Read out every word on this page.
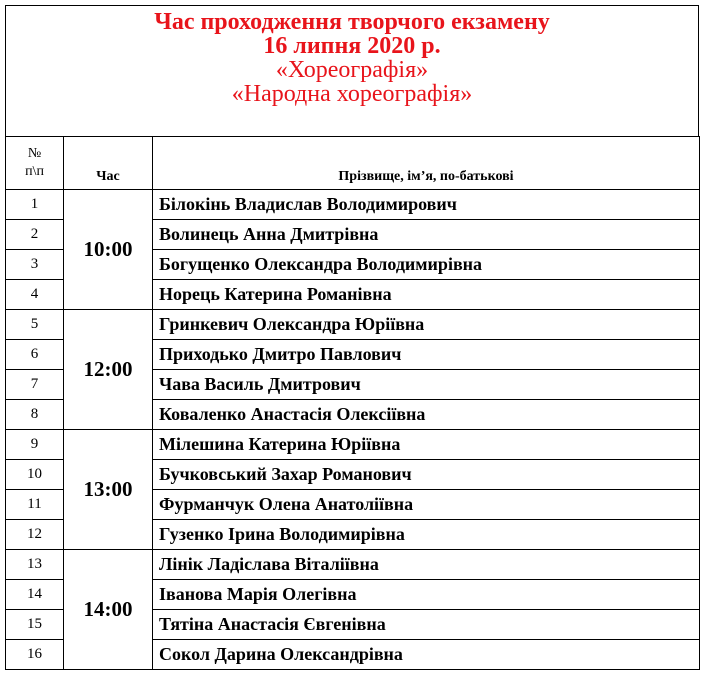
Час проходження творчого екзамену
16 липня 2020 р.
«Хореографія»
«Народна хореографія»
№
п\п	Час	Прізвище, ім’я, по-батькові
1	10:00	Білокінь Владислав Володимирович
2		Волинець Анна Дмитрівна
3		Богущенко Олександра Володимирівна
4		Норець Катерина Романівна
5	12:00	Гринкевич Олександра Юріївна
6		Приходько Дмитро Павлович
7		Чава Василь Дмитрович
8		Коваленко Анастасія Олексіївна
9	13:00	Мілешина Катерина Юріївна
10		Бучковський Захар Романович
11		Фурманчук Олена Анатоліївна
12		Гузенко Ірина Володимирівна
13	14:00	Лінік Ладіслава Віталіївна
14		Іванова Марія Олегівна
15		Тятіна Анастасія Євгенівна
16		Сокол Дарина Олександрівна
